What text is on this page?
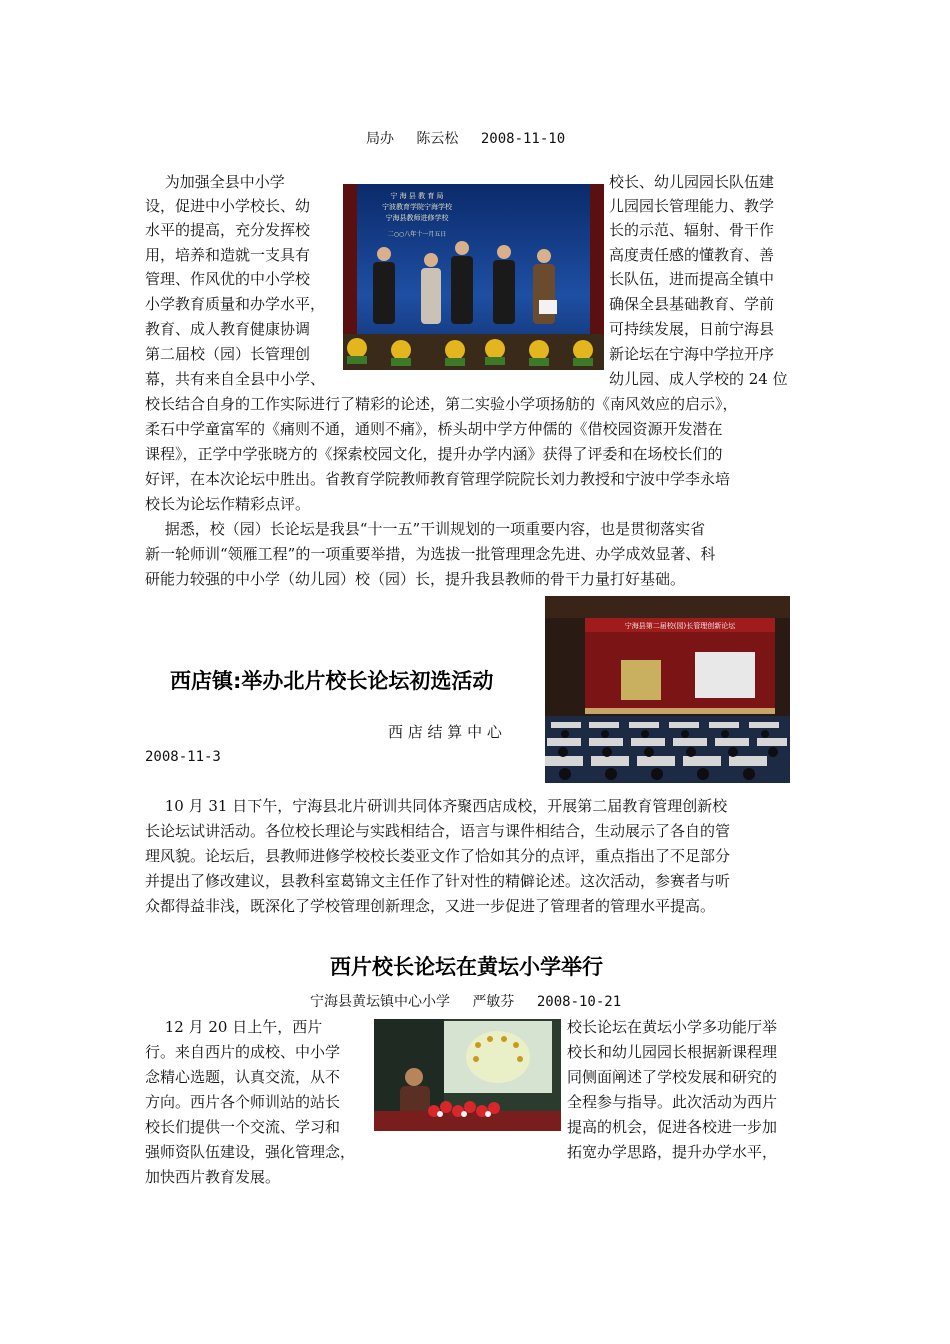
局办　 陈云松　 2008-11-10
　 为加强全县中小学
设，促进中小学校长、幼
水平的提高，充分发挥校
用，培养和造就一支具有
管理、作风优的中小学校
小学教育质量和办学水平，
教育、成人教育健康协调
第二届校（园）长管理创
幕，共有来自全县中小学、
宁 海 县 教 育 局
宁波教育学院宁海学校
宁海县教师进修学校
二○○八年十一月五日
校长、幼儿园园长队伍建
儿园园长管理能力、教学
长的示范、辐射、骨干作
高度责任感的懂教育、善
长队伍，进而提高全镇中
确保全县基础教育、学前
可持续发展，日前宁海县
新论坛在宁海中学拉开序
幼儿园、成人学校的 24 位
校长结合自身的工作实际进行了精彩的论述，第二实验小学项扬舫的《南风效应的启示》，
柔石中学童富军的《痛则不通，通则不痛》，桥头胡中学方仲儒的《借校园资源开发潜在
课程》，正学中学张晓方的《探索校园文化，提升办学内涵》获得了评委和在场校长们的
好评，在本次论坛中胜出。省教育学院教师教育管理学院院长刘力教授和宁波中学李永培
校长为论坛作精彩点评。
　 据悉，校（园）长论坛是我县“十一五”干训规划的一项重要内容，也是贯彻落实省
新一轮师训“领雁工程”的一项重要举措，为选拔一批管理理念先进、办学成效显著、科
研能力较强的中小学（幼儿园）校（园）长，提升我县教师的骨干力量打好基础。
宁海县第二届校(园)长管理创新论坛
西店镇:举办北片校长论坛初选活动
西 店 结 算 中 心
2008-11-3
　 10 月 31 日下午，宁海县北片研训共同体齐聚西店成校，开展第二届教育管理创新校
长论坛试讲活动。各位校长理论与实践相结合，语言与课件相结合，生动展示了各自的管
理风貌。论坛后，县教师进修学校校长娄亚文作了恰如其分的点评，重点指出了不足部分
并提出了修改建议，县教科室葛锦文主任作了针对性的精僻论述。这次活动，参赛者与听
众都得益非浅，既深化了学校管理创新理念，又进一步促进了管理者的管理水平提高。
西片校长论坛在黄坛小学举行
宁海县黄坛镇中心小学　 严敏芬　 2008-10-21
　 12 月 20 日上午，西片
行。来自西片的成校、中小学
念精心选题，认真交流，从不
方向。西片各个师训站的站长
校长们提供一个交流、学习和
强师资队伍建设，强化管理念，
校长论坛在黄坛小学多功能厅举
校长和幼儿园园长根据新课程理
同侧面阐述了学校发展和研究的
全程参与指导。此次活动为西片
提高的机会，促进各校进一步加
拓宽办学思路，提升办学水平，
加快西片教育发展。
